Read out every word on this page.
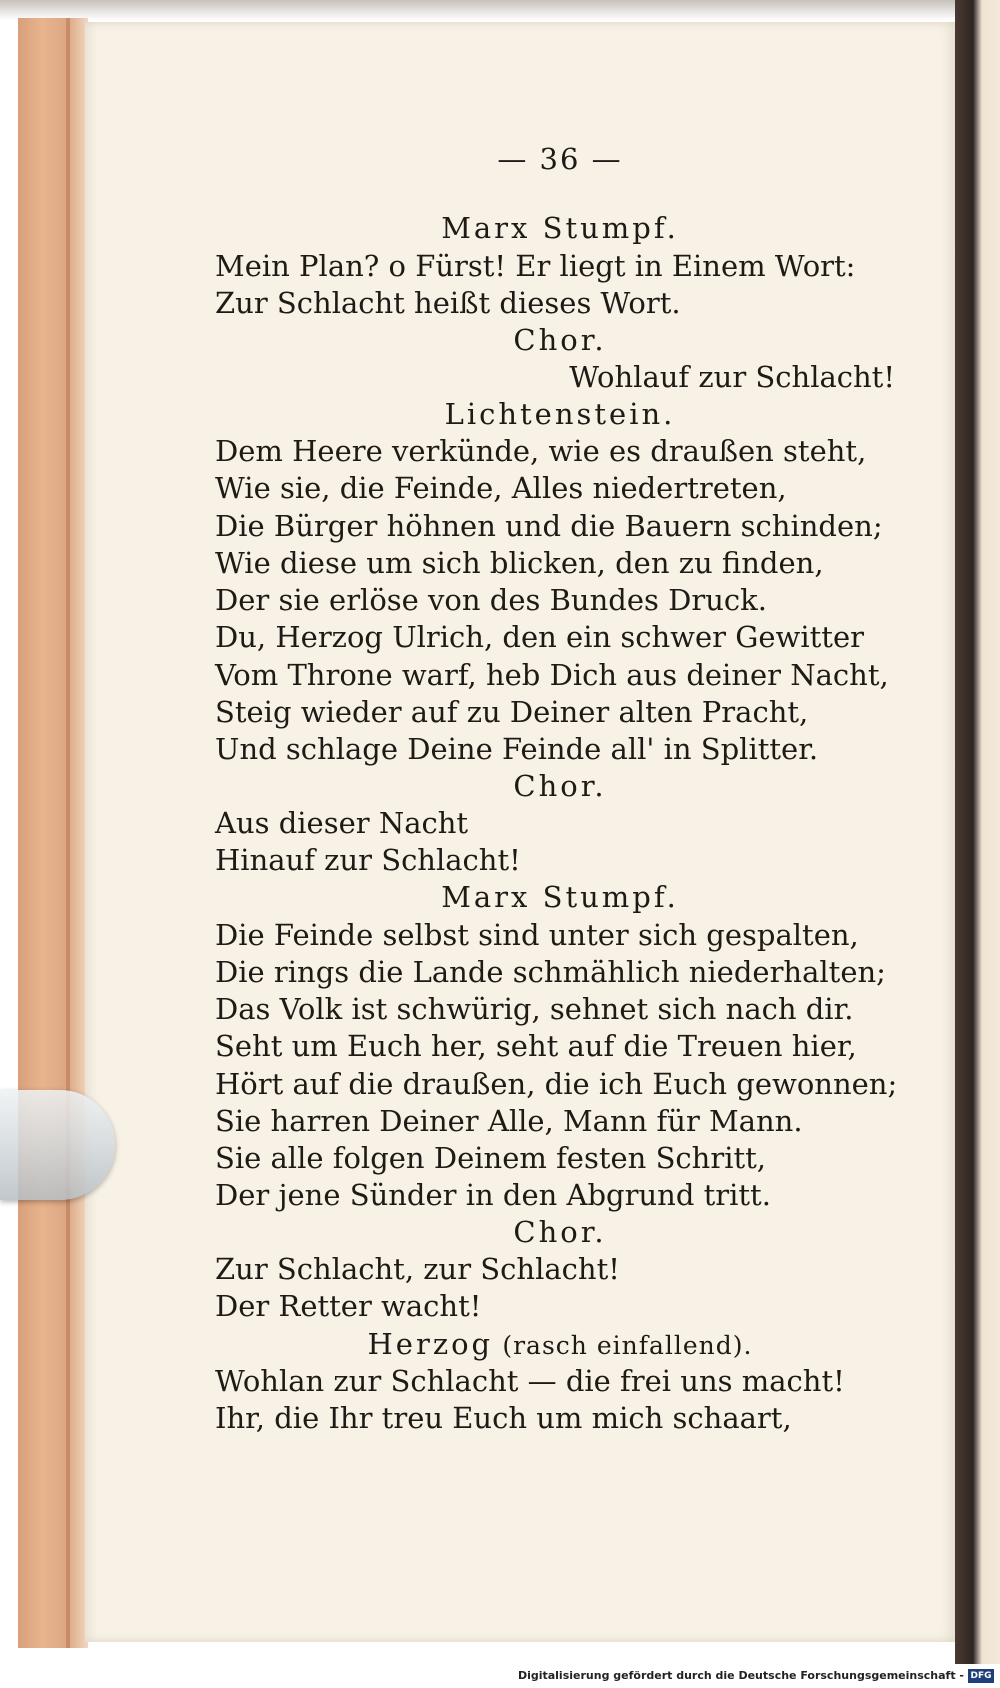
— 36 —
Marx Stumpf.
Mein Plan? o Fürst! Er liegt in Einem Wort:
Zur Schlacht heißt dieses Wort.
Chor.
Wohlauf zur Schlacht!
Lichtenstein.
Dem Heere verkünde, wie es draußen steht,
Wie sie, die Feinde, Alles niedertreten,
Die Bürger höhnen und die Bauern schinden;
Wie diese um sich blicken, den zu finden,
Der sie erlöse von des Bundes Druck.
Du, Herzog Ulrich, den ein schwer Gewitter
Vom Throne warf, heb Dich aus deiner Nacht,
Steig wieder auf zu Deiner alten Pracht,
Und schlage Deine Feinde all' in Splitter.
Chor.
Aus dieser Nacht
Hinauf zur Schlacht!
Marx Stumpf.
Die Feinde selbst sind unter sich gespalten,
Die rings die Lande schmählich niederhalten;
Das Volk ist schwürig, sehnet sich nach dir.
Seht um Euch her, seht auf die Treuen hier,
Hört auf die draußen, die ich Euch gewonnen;
Sie harren Deiner Alle, Mann für Mann.
Sie alle folgen Deinem festen Schritt,
Der jene Sünder in den Abgrund tritt.
Chor.
Zur Schlacht, zur Schlacht!
Der Retter wacht!
Herzog (rasch einfallend).
Wohlan zur Schlacht — die frei uns macht!
Ihr, die Ihr treu Euch um mich schaart,
Digitalisierung gefördert durch die Deutsche Forschungsgemeinschaft - DFG
